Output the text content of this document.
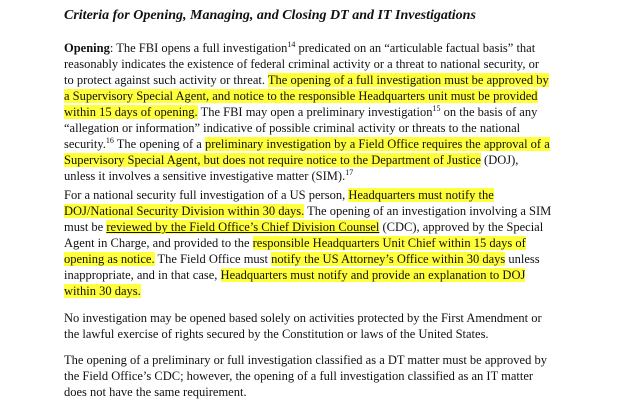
Criteria for Opening, Managing, and Closing DT and IT Investigations
Opening: The FBI opens a full investigation$^{14}$ predicated on an “articulable factual basis” that
reasonably indicates the existence of federal criminal activity or a threat to national security, or
to protect against such activity or threat. The opening of a full investigation must be approved by
a Supervisory Special Agent, and notice to the responsible Headquarters unit must be provided
within 15 days of opening. The FBI may open a preliminary investigation$^{15}$ on the basis of any
“allegation or information” indicative of possible criminal activity or threats to the national
security.$^{16}$ The opening of a preliminary investigation by a Field Office requires the approval of a
Supervisory Special Agent, but does not require notice to the Department of Justice (DOJ),
unless it involves a sensitive investigative matter (SIM).$^{17}$
For a national security full investigation of a US person, Headquarters must notify the
DOJ/National Security Division within 30 days. The opening of an investigation involving a SIM
must be reviewed by the Field Office’s Chief Division Counsel (CDC), approved by the Special
Agent in Charge, and provided to the responsible Headquarters Unit Chief within 15 days of
opening as notice. The Field Office must notify the US Attorney’s Office within 30 days unless
inappropriate, and in that case, Headquarters must notify and provide an explanation to DOJ
within 30 days.
No investigation may be opened based solely on activities protected by the First Amendment or
the lawful exercise of rights secured by the Constitution or laws of the United States.
The opening of a preliminary or full investigation classified as a DT matter must be approved by
the Field Office’s CDC; however, the opening of a full investigation classified as an IT matter
does not have the same requirement.
